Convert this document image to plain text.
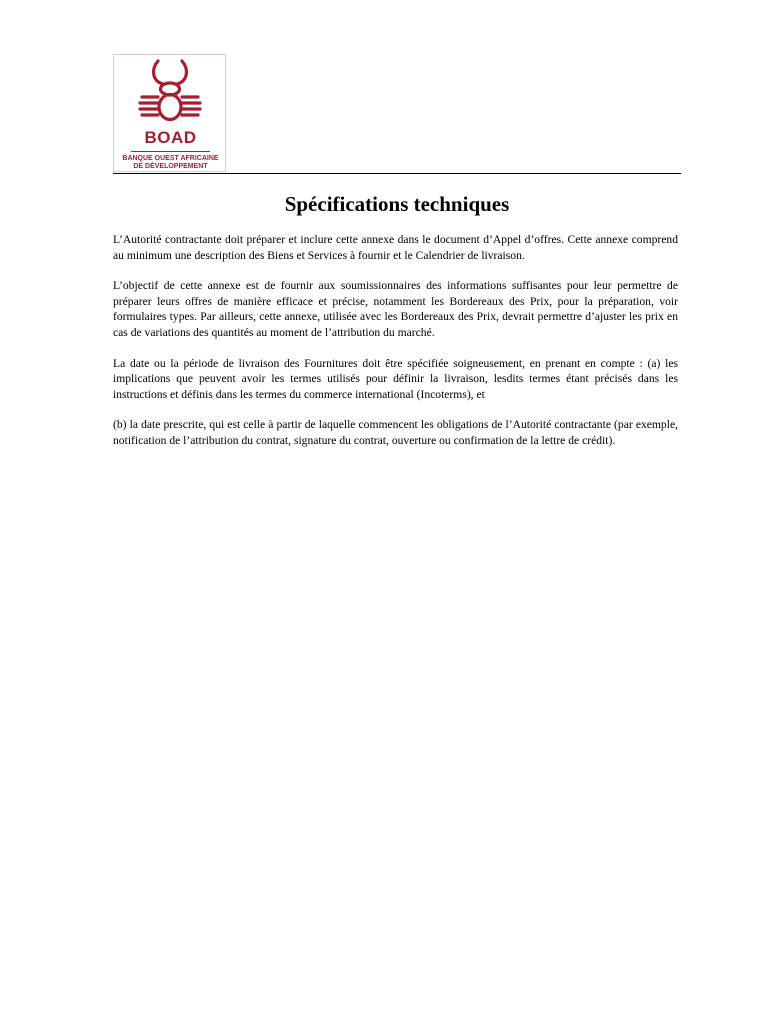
BOAD
BANQUE OUEST AFRICAINE
DE DÉVELOPPEMENT
Spécifications techniques

L’Autorité contractante doit préparer et inclure cette annexe dans le document d’Appel d’offres. Cette annexe comprend au minimum une description des Biens et Services à fournir et le Calendrier de livraison.

L’objectif de cette annexe est de fournir aux soumissionnaires des informations suffisantes pour leur permettre de préparer leurs offres de manière efficace et précise, notamment les Bordereaux des Prix, pour la préparation, voir formulaires types. Par ailleurs, cette annexe, utilisée avec les Bordereaux des Prix, devrait permettre d’ajuster les prix en cas de variations des quantités au moment de l’attribution du marché.

La date ou la période de livraison des Fournitures doit être spécifiée soigneusement, en prenant en compte : (a) les implications que peuvent avoir les termes utilisés pour définir la livraison, lesdits termes étant précisés dans les instructions et définis dans les termes du commerce international (Incoterms), et

(b) la date prescrite, qui est celle à partir de laquelle commencent les obligations de l’Autorité contractante (par exemple, notification de l’attribution du contrat, signature du contrat, ouverture ou confirmation de la lettre de crédit).
